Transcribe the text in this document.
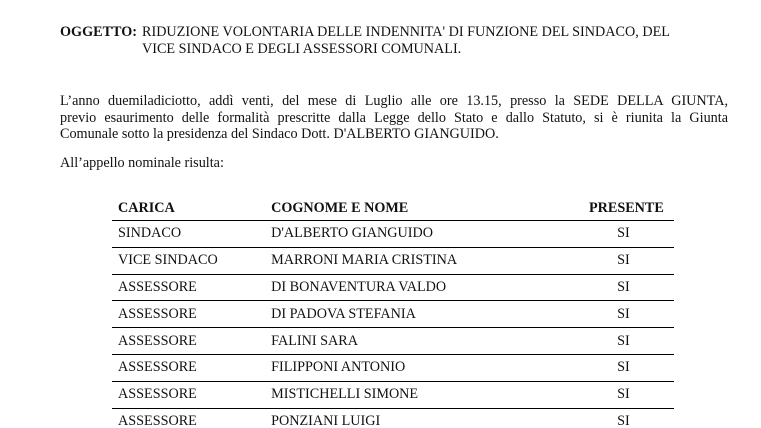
OGGETTO: RIDUZIONE VOLONTARIA DELLE INDENNITA' DI FUNZIONE DEL SINDACO, DEL
VICE SINDACO E DEGLI ASSESSORI COMUNALI.
L’anno duemiladiciotto, addì venti, del mese di Luglio alle ore 13.15, presso la SEDE DELLA GIUNTA,
previo esaurimento delle formalità prescritte dalla Legge dello Stato e dallo Statuto, si è riunita la Giunta
Comunale sotto la presidenza del Sindaco Dott. D'ALBERTO GIANGUIDO.
All’appello nominale risulta:
CARICA	COGNOME E NOME	PRESENTE
SINDACO	D'ALBERTO GIANGUIDO	SI
VICE SINDACO	MARRONI MARIA CRISTINA	SI
ASSESSORE	DI BONAVENTURA VALDO	SI
ASSESSORE	DI PADOVA STEFANIA	SI
ASSESSORE	FALINI SARA	SI
ASSESSORE	FILIPPONI ANTONIO	SI
ASSESSORE	MISTICHELLI SIMONE	SI
ASSESSORE	PONZIANI LUIGI	SI
